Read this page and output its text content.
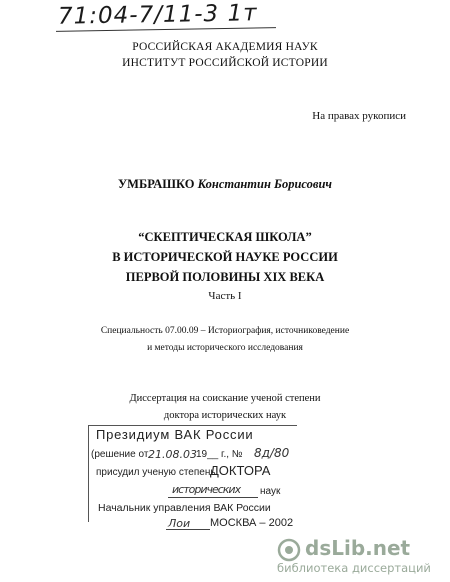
71:04-7/11-3 1т
РОССИЙСКАЯ АКАДЕМИЯ НАУК
ИНСТИТУТ РОССИЙСКОЙ ИСТОРИИ
На правах рукописи
УМБРАШКО Константин Борисович
“СКЕПТИЧЕСКАЯ ШКОЛА”
В ИСТОРИЧЕСКОЙ НАУКЕ РОССИИ
ПЕРВОЙ ПОЛОВИНЫ XIX ВЕКА
Часть I
Специальность 07.00.09 – Историография, источниковедение
и методы исторического исследования
Диссертация на соискание ученой степени
доктора исторических наук
Президиум ВАК России
(решение от 21.08.03 19__ г., № 8д/80
присудил ученую степень
ДОКТОРА
исторических наук
Начальник управления ВАК России
Лои МОСКВА – 2002
dsLib.net
библиотека диссертаций
